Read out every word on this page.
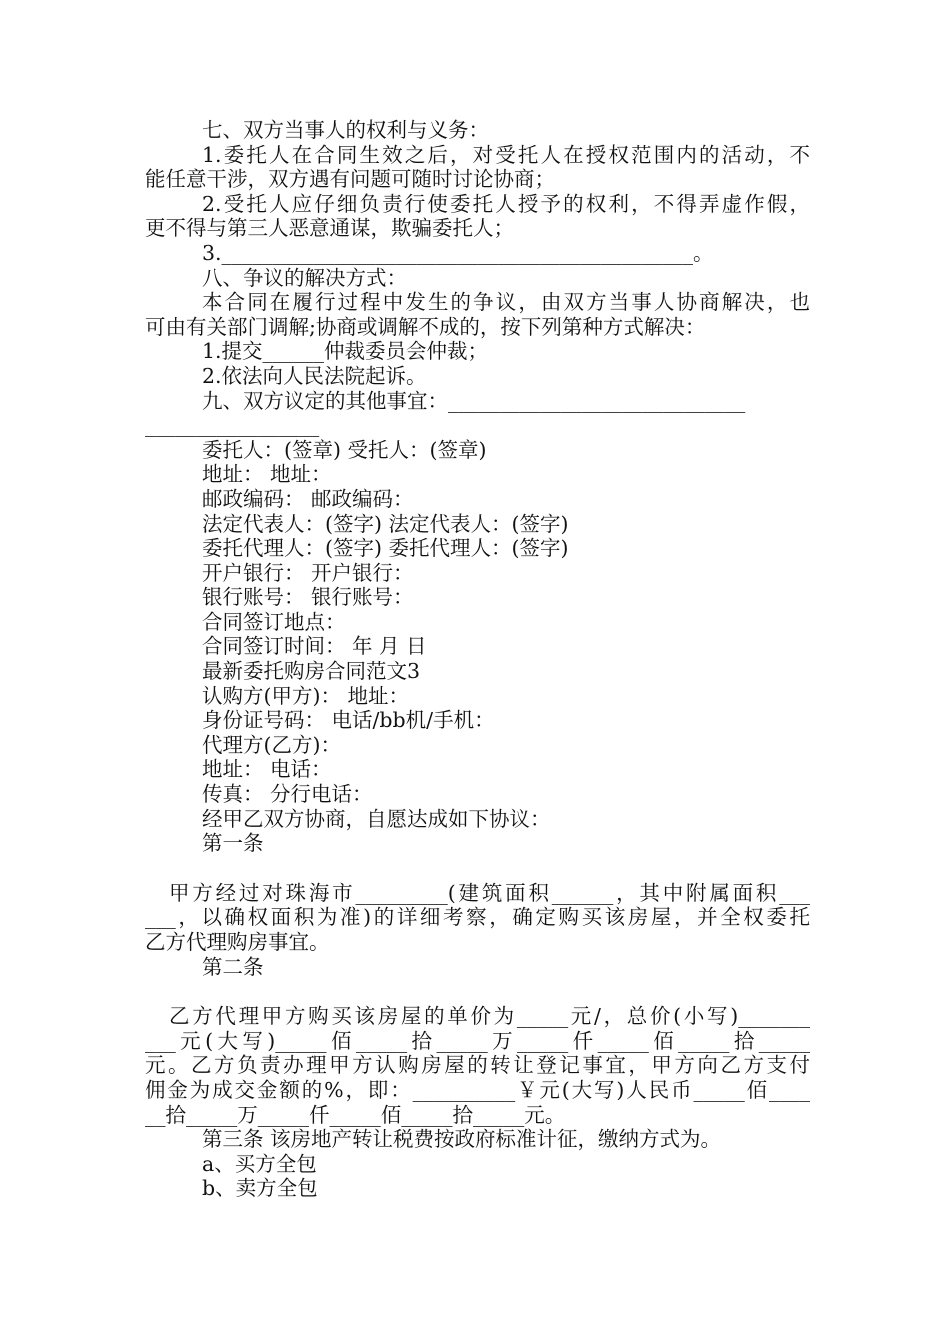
七、双方当事人的权利与义务：

1.委托人在合同生效之后，对受托人在授权范围内的活动，不

能任意干涉，双方遇有问题可随时讨论协商；

2.受托人应仔细负责行使委托人授予的权利，不得弄虚作假，

更不得与第三人恶意通谋，欺骗委托人；

3.______________________________________________。

八、争议的解决方式：

本合同在履行过程中发生的争议，由双方当事人协商解决，也

可由有关部门调解;协商或调解不成的，按下列第种方式解决：

1.提交______仲裁委员会仲裁；

2.依法向人民法院起诉。

九、双方议定的其他事宜：_____________________________

_________________

委托人：(签章) 受托人：(签章)

地址： 地址：

邮政编码： 邮政编码：

法定代表人：(签字) 法定代表人：(签字)

委托代理人：(签字) 委托代理人：(签字)

开户银行： 开户银行：

银行账号： 银行账号：

合同签订地点：

合同签订时间： 年 月 日

最新委托购房合同范文3

认购方(甲方)： 地址：

身份证号码： 电话/bb机/手机：

代理方(乙方)：

地址： 电话：

传真： 分行电话：

经甲乙双方协商，自愿达成如下协议：

第一条

甲方经过对珠海市_________(建筑面积______，其中附属面积___

___，以确权面积为准)的详细考察，确定购买该房屋，并全权委托

乙方代理购房事宜。

第二条

乙方代理甲方购买该房屋的单价为_____元/，总价(小写)_______

___元(大写)_____佰_____拾_____万_____仟_____佰_____拾_____

元。乙方负责办理甲方认购房屋的转让登记事宜，甲方向乙方支付

佣金为成交金额的%，即：__________￥元(大写)人民币_____佰____

__拾_____万_____仟_____佰_____拾_____元。

第三条 该房地产转让税费按政府标准计征，缴纳方式为。

a、买方全包

b、卖方全包
